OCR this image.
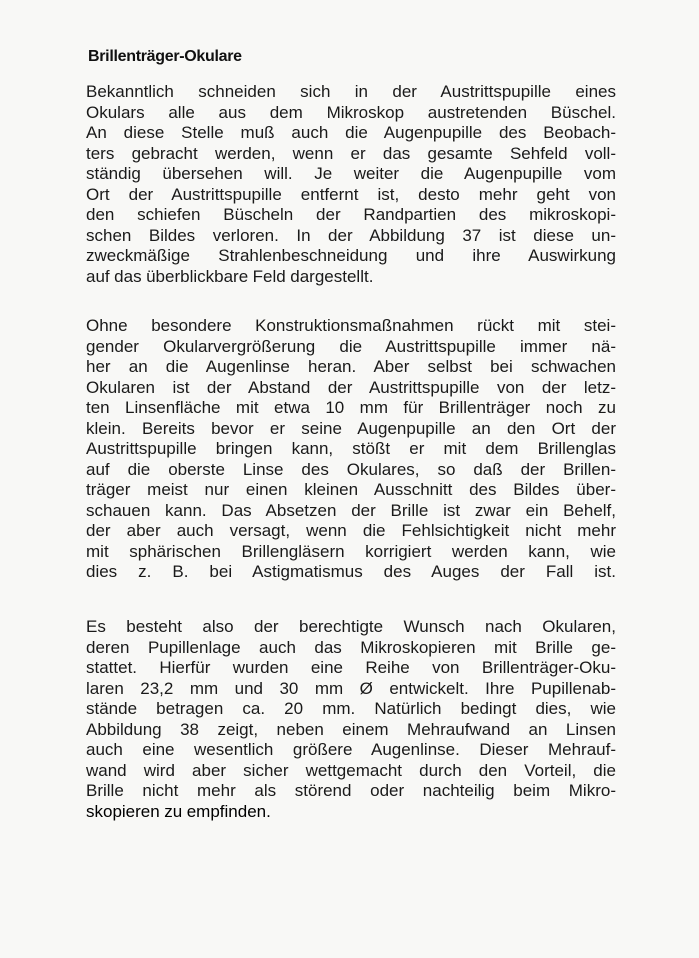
Brillenträger-Okulare
Bekanntlich schneiden sich in der Austrittspupille eines
Okulars alle aus dem Mikroskop austretenden Büschel.
An diese Stelle muß auch die Augenpupille des Beobach-
ters gebracht werden, wenn er das gesamte Sehfeld voll-
ständig übersehen will. Je weiter die Augenpupille vom
Ort der Austrittspupille entfernt ist, desto mehr geht von
den schiefen Büscheln der Randpartien des mikroskopi-
schen Bildes verloren. In der Abbildung 37 ist diese un-
zweckmäßige Strahlenbeschneidung und ihre Auswirkung
auf das überblickbare Feld dargestellt.
Ohne besondere Konstruktionsmaßnahmen rückt mit stei-
gender Okularvergrößerung die Austrittspupille immer nä-
her an die Augenlinse heran. Aber selbst bei schwachen
Okularen ist der Abstand der Austrittspupille von der letz-
ten Linsenfläche mit etwa 10 mm für Brillenträger noch zu
klein. Bereits bevor er seine Augenpupille an den Ort der
Austrittspupille bringen kann, stößt er mit dem Brillenglas
auf die oberste Linse des Okulares, so daß der Brillen-
träger meist nur einen kleinen Ausschnitt des Bildes über-
schauen kann. Das Absetzen der Brille ist zwar ein Behelf,
der aber auch versagt, wenn die Fehlsichtigkeit nicht mehr
mit sphärischen Brillengläsern korrigiert werden kann, wie
dies z. B. bei Astigmatismus des Auges der Fall ist.
Es besteht also der berechtigte Wunsch nach Okularen,
deren Pupillenlage auch das Mikroskopieren mit Brille ge-
stattet. Hierfür wurden eine Reihe von Brillenträger-Oku-
laren 23,2 mm und 30 mm Ø entwickelt. Ihre Pupillenab-
stände betragen ca. 20 mm. Natürlich bedingt dies, wie
Abbildung 38 zeigt, neben einem Mehraufwand an Linsen
auch eine wesentlich größere Augenlinse. Dieser Mehrauf-
wand wird aber sicher wettgemacht durch den Vorteil, die
Brille nicht mehr als störend oder nachteilig beim Mikro-
skopieren zu empfinden.
